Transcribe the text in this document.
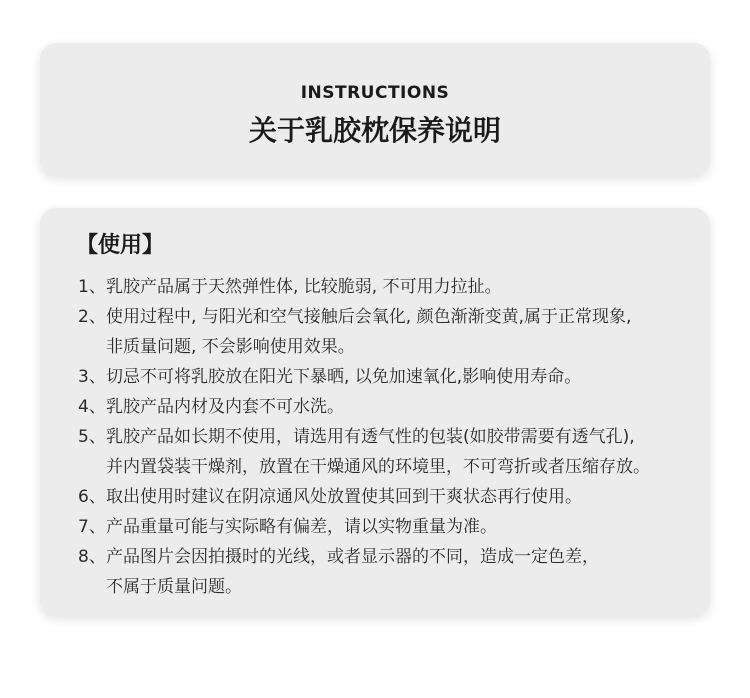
INSTRUCTIONS
关于乳胶枕保养说明
【使用】
1、 乳胶产品属于天然弹性体, 比较脆弱, 不可用力拉扯。
2、 使用过程中, 与阳光和空气接触后会氧化, 颜色渐渐变黄,属于正常现象,
非质量问题, 不会影响使用效果。
3、 切忌不可将乳胶放在阳光下暴晒, 以免加速氧化,影响使用寿命。
4、 乳胶产品内材及内套不可水洗。
5、 乳胶产品如长期不使用，请选用有透气性的包装(如胶带需要有透气孔),
并内置袋装干燥剂，放置在干燥通风的环境里，不可弯折或者压缩存放。
6、 取出使用时建议在阴凉通风处放置使其回到干爽状态再行使用。
7、 产品重量可能与实际略有偏差，请以实物重量为准。
8、 产品图片会因拍摄时的光线，或者显示器的不同，造成一定色差，
不属于质量问题。
